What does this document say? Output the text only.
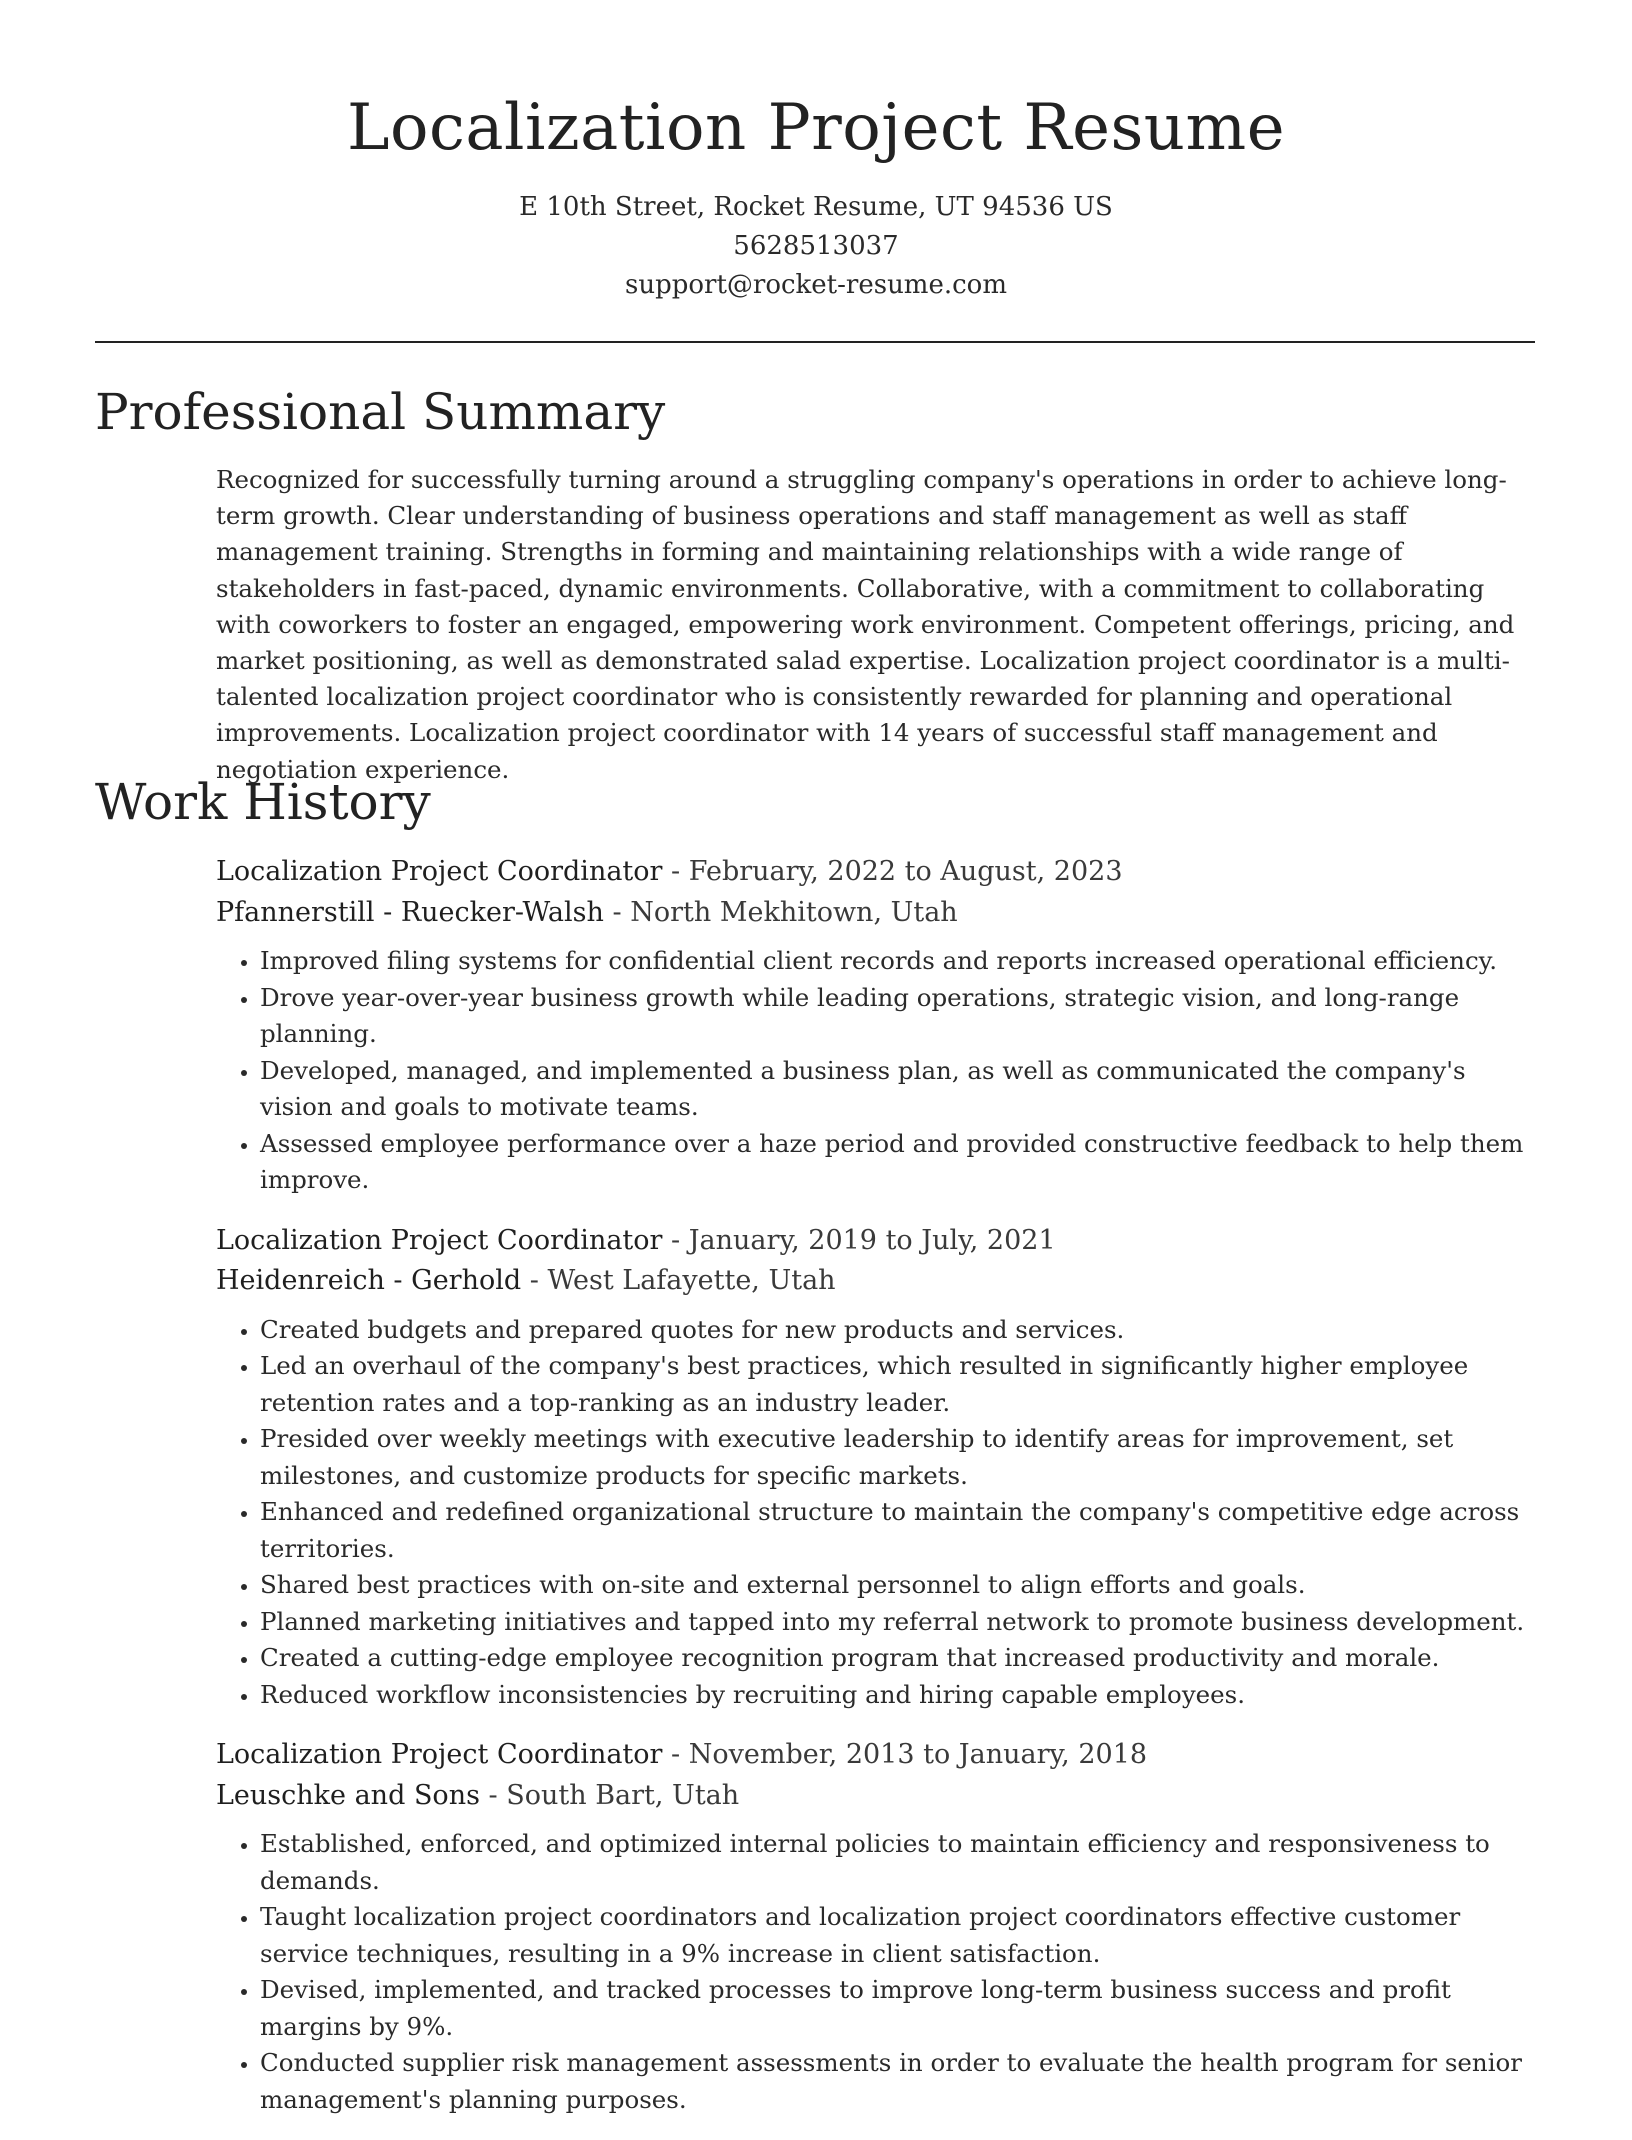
Localization Project Resume
E 10th Street, Rocket Resume, UT 94536 US
5628513037
support@rocket-resume.com
Professional Summary

Recognized for successfully turning around a struggling company's operations in order to achieve long-term growth. Clear understanding of business operations and staff management as well as staff management training. Strengths in forming and maintaining relationships with a wide range of stakeholders in fast-paced, dynamic environments. Collaborative, with a commitment to collaborating with coworkers to foster an engaged, empowering work environment. Competent offerings, pricing, and market positioning, as well as demonstrated salad expertise. Localization project coordinator is a multi-talented localization project coordinator who is consistently rewarded for planning and operational improvements. Localization project coordinator with 14 years of successful staff management and negotiation experience.

Work History
Localization Project Coordinator - February, 2022 to August, 2023
Pfannerstill - Ruecker-Walsh - North Mekhitown, Utah
• Improved filing systems for confidential client records and reports increased operational efficiency.
• Drove year-over-year business growth while leading operations, strategic vision, and long-range planning.
• Developed, managed, and implemented a business plan, as well as communicated the company's vision and goals to motivate teams.
• Assessed employee performance over a haze period and provided constructive feedback to help them improve.
Localization Project Coordinator - January, 2019 to July, 2021
Heidenreich - Gerhold - West Lafayette, Utah
• Created budgets and prepared quotes for new products and services.
• Led an overhaul of the company's best practices, which resulted in significantly higher employee retention rates and a top-ranking as an industry leader.
• Presided over weekly meetings with executive leadership to identify areas for improvement, set milestones, and customize products for specific markets.
• Enhanced and redefined organizational structure to maintain the company's competitive edge across territories.
• Shared best practices with on-site and external personnel to align efforts and goals.
• Planned marketing initiatives and tapped into my referral network to promote business development.
• Created a cutting-edge employee recognition program that increased productivity and morale.
• Reduced workflow inconsistencies by recruiting and hiring capable employees.
Localization Project Coordinator - November, 2013 to January, 2018
Leuschke and Sons - South Bart, Utah
• Established, enforced, and optimized internal policies to maintain efficiency and responsiveness to demands.
• Taught localization project coordinators and localization project coordinators effective customer service techniques, resulting in a 9% increase in client satisfaction.
• Devised, implemented, and tracked processes to improve long-term business success and profit margins by 9%.
• Conducted supplier risk management assessments in order to evaluate the health program for senior management's planning purposes.
